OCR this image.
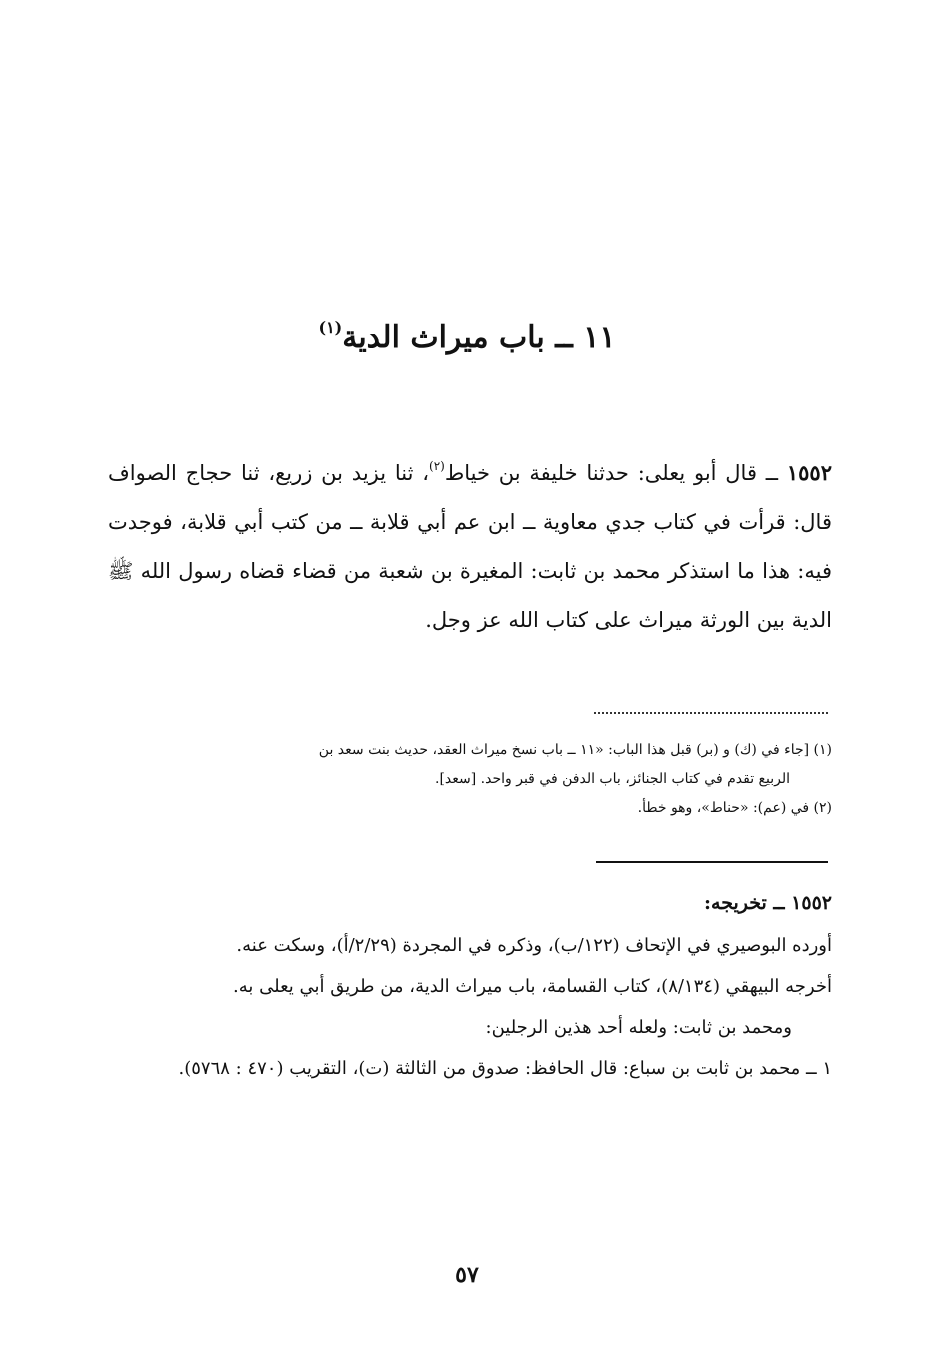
١١ ــ باب ميراث الدية$^{(١)}$
١٥٥٢ ــ قال أبو يعلى: حدثنا خليفة بن خياط$^{(٢)}$، ثنا يزيد بن زريع، ثنا حجاج الصواف قال: قرأت في كتاب جدي معاوية ــ ابن عم أبي قلابة ــ من كتب أبي قلابة، فوجدت فيه: هذا ما استذكر محمد بن ثابت: المغيرة بن شعبة من قضاء قضاه رسول الله ﷺ الدية بين الورثة ميراث على كتاب الله عز وجل.

(١) [جاء في (ك) و (بر) قبل هذا الباب: «١١ ــ باب نسخ ميراث العقد، حديث بنت سعد بن

الربيع تقدم في كتاب الجنائز، باب الدفن في قبر واحد. [سعد].

(٢) في (عم): «حناط»، وهو خطأ.

١٥٥٢ ــ تخريجه:

أورده البوصيري في الإتحاف (١٢٢/ب)، وذكره في المجردة (٢/٢٩/أ)، وسكت عنه.

أخرجه البيهقي (٨/١٣٤)، كتاب القسامة، باب ميراث الدية، من طريق أبي يعلى به.

ومحمد بن ثابت: ولعله أحد هذين الرجلين:

١ ــ محمد بن ثابت بن سباع: قال الحافظ: صدوق من الثالثة (ت)، التقريب (٤٧٠ : ٥٧٦٨).

٥٧
